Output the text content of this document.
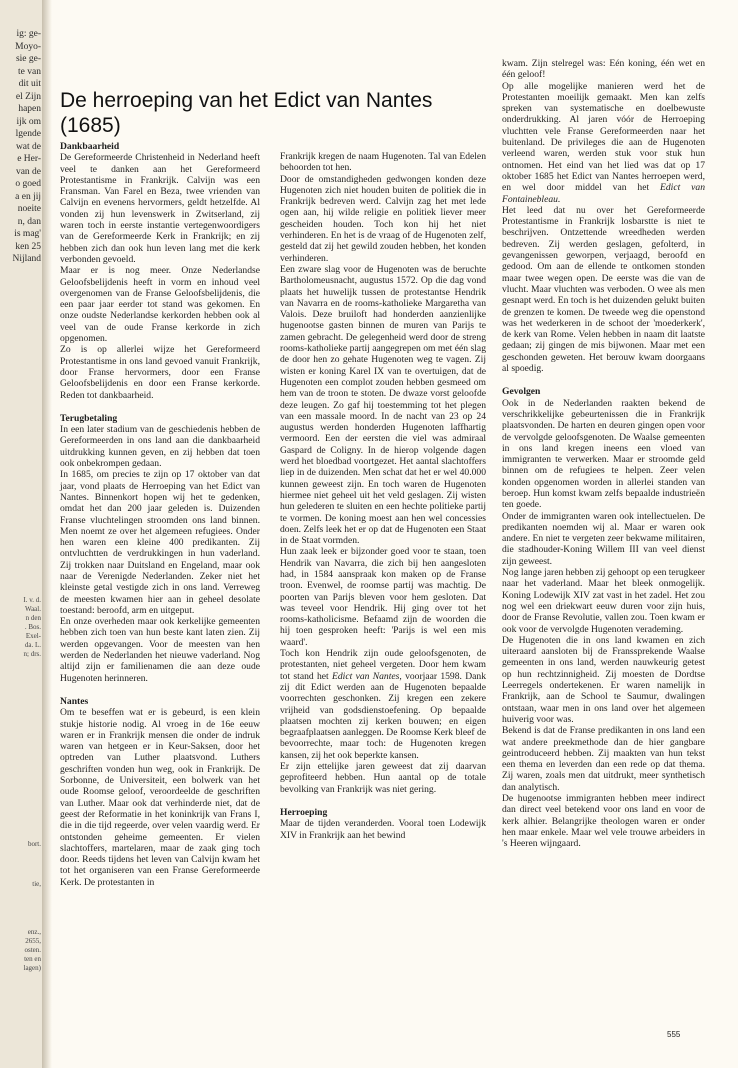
ig: ge-
Moyo-
sie ge-
te van
dit uit
el Zijn
hapen
ijk om
lgende
wat de
e Her-
van de
o goed
a en jij
noeite
n, dan
is mag'
ken 25
Nijland
I. v. d.
Waal.
n den
. Bos.
Exel-
da. L.
n; drs.
bort.
tie,
enz.,
2655,
osten.
ten en
lagen)
De herroeping van het Edict van Nantes (1685)
Dankbaarheid

De Gereformeerde Christenheid in Nederland heeft veel te danken aan het Gereformeerd Protestantisme in Frankrijk. Calvijn was een Fransman. Van Farel en Beza, twee vrienden van Calvijn en evenens hervormers, geldt hetzelfde. Al vonden zij hun levenswerk in Zwitserland, zij waren toch in eerste instantie vertegenwoordigers van de Gereformeerde Kerk in Frankrijk; en zij hebben zich dan ook hun leven lang met die kerk verbonden gevoeld.

Maar er is nog meer. Onze Nederlandse Geloofsbelijdenis heeft in vorm en inhoud veel overgenomen van de Franse Geloofsbelijdenis, die een paar jaar eerder tot stand was gekomen. En onze oudste Nederlandse kerkorden hebben ook al veel van de oude Franse kerkorde in zich opgenomen.

Zo is op allerlei wijze het Gereformeerd Protestantisme in ons land gevoed vanuit Frankrijk, door Franse hervormers, door een Franse Geloofsbelijdenis en door een Franse kerkorde. Reden tot dankbaarheid.

Terugbetaling

In een later stadium van de geschiedenis hebben de Gereformeerden in ons land aan die dankbaarheid uitdrukking kunnen geven, en zij hebben dat toen ook onbekrompen gedaan.

In 1685, om precies te zijn op 17 oktober van dat jaar, vond plaats de Herroeping van het Edict van Nantes. Binnenkort hopen wij het te gedenken, omdat het dan 200 jaar geleden is. Duizenden Franse vluchtelingen stroomden ons land binnen. Men noemt ze over het algemeen refugiees. Onder hen waren een kleine 400 predikanten. Zij ontvluchtten de verdrukkingen in hun vaderland. Zij trokken naar Duitsland en Engeland, maar ook naar de Verenigde Nederlanden. Zeker niet het kleinste getal vestigde zich in ons land. Verreweg de meesten kwamen hier aan in geheel desolate toestand: beroofd, arm en uitgeput.

En onze overheden maar ook kerkelijke gemeenten hebben zich toen van hun beste kant laten zien. Zij werden opgevangen. Voor de meesten van hen werden de Nederlanden het nieuwe vaderland. Nog altijd zijn er familienamen die aan deze oude Hugenoten herinneren.

Nantes

Om te beseffen wat er is gebeurd, is een klein stukje historie nodig. Al vroeg in de 16e eeuw waren er in Frankrijk mensen die onder de indruk waren van hetgeen er in Keur-Saksen, door het optreden van Luther plaatsvond. Luthers geschriften vonden hun weg, ook in Frankrijk. De Sorbonne, de Universiteit, een bolwerk van het oude Roomse geloof, veroordeelde de geschriften van Luther. Maar ook dat verhinderde niet, dat de geest der Reformatie in het koninkrijk van Frans I, die in die tijd regeerde, over velen vaardig werd. Er ontstonden geheime gemeenten. Er vielen slachtoffers, martelaren, maar de zaak ging toch door. Reeds tijdens het leven van Calvijn kwam het tot het organiseren van een Franse Gereformeerde Kerk. De protestanten in

Frankrijk kregen de naam Hugenoten. Tal van Edelen behoorden tot hen.

Door de omstandigheden gedwongen konden deze Hugenoten zich niet houden buiten de politiek die in Frankrijk bedreven werd. Calvijn zag het met lede ogen aan, hij wilde religie en politiek liever meer gescheiden houden. Toch kon hij het niet verhinderen. En het is de vraag of de Hugenoten zelf, gesteld dat zij het gewild zouden hebben, het konden verhinderen.

Een zware slag voor de Hugenoten was de beruchte Bartholomeusnacht, augustus 1572. Op die dag vond plaats het huwelijk tussen de protestantse Hendrik van Navarra en de rooms-katholieke Margaretha van Valois. Deze bruiloft had honderden aanzienlijke hugenootse gasten binnen de muren van Parijs te zamen gebracht. De gelegenheid werd door de streng rooms-katholieke partij aangegrepen om met één slag de door hen zo gehate Hugenoten weg te vagen. Zij wisten er koning Karel IX van te overtuigen, dat de Hugenoten een complot zouden hebben gesmeed om hem van de troon te stoten. De dwaze vorst geloofde deze leugen. Zo gaf hij toestemming tot het plegen van een massale moord. In de nacht van 23 op 24 augustus werden honderden Hugenoten laffhartig vermoord. Een der eersten die viel was admiraal Gaspard de Coligny. In de hierop volgende dagen werd het bloedbad voortgezet. Het aantal slachtoffers liep in de duizenden. Men schat dat het er wel 40.000 kunnen geweest zijn. En toch waren de Hugenoten hiermee niet geheel uit het veld geslagen. Zij wisten hun gelederen te sluiten en een hechte politieke partij te vormen. De koning moest aan hen wel concessies doen. Zelfs leek het er op dat de Hugenoten een Staat in de Staat vormden.

Hun zaak leek er bijzonder goed voor te staan, toen Hendrik van Navarra, die zich bij hen aangesloten had, in 1584 aanspraak kon maken op de Franse troon. Evenwel, de roomse partij was machtig. De poorten van Parijs bleven voor hem gesloten. Dat was teveel voor Hendrik. Hij ging over tot het rooms-katholicisme. Befaamd zijn de woorden die hij toen gesproken heeft: 'Parijs is wel een mis waard'.

Toch kon Hendrik zijn oude geloofsgenoten, de protestanten, niet geheel vergeten. Door hem kwam tot stand het Edict van Nantes, voorjaar 1598. Dank zij dit Edict werden aan de Hugenoten bepaalde voorrechten geschonken. Zij kregen een zekere vrijheid van godsdienstoefening. Op bepaalde plaatsen mochten zij kerken bouwen; en eigen begraafplaatsen aanleggen. De Roomse Kerk bleef de bevoorrechte, maar toch: de Hugenoten kregen kansen, zij het ook beperkte kansen.

Er zijn ettelijke jaren geweest dat zij daarvan geprofiteerd hebben. Hun aantal op de totale bevolking van Frankrijk was niet gering.

Herroeping

Maar de tijden veranderden. Vooral toen Lodewijk XIV in Frankrijk aan het bewind

kwam. Zijn stelregel was: Eén koning, één wet en één geloof!

Op alle mogelijke manieren werd het de Protestanten moeilijk gemaakt. Men kan zelfs spreken van systematische en doelbewuste onderdrukking. Al jaren vóór de Herroeping vluchtten vele Franse Gereformeerden naar het buitenland. De privileges die aan de Hugenoten verleend waren, werden stuk voor stuk hun ontnomen. Het eind van het lied was dat op 17 oktober 1685 het Edict van Nantes herroepen werd, en wel door middel van het Edict van Fontainebleau.

Het leed dat nu over het Gereformeerde Protestantisme in Frankrijk losbarstte is niet te beschrijven. Ontzettende wreedheden werden bedreven. Zij werden geslagen, gefolterd, in gevangenissen geworpen, verjaagd, beroofd en gedood. Om aan de ellende te ontkomen stonden maar twee wegen open. De eerste was die van de vlucht. Maar vluchten was verboden. O wee als men gesnapt werd. En toch is het duizenden gelukt buiten de grenzen te komen. De tweede weg die openstond was het wederkeren in de schoot der 'moederkerk', de kerk van Rome. Velen hebben in naam dit laatste gedaan; zij gingen de mis bijwonen. Maar met een geschonden geweten. Het berouw kwam doorgaans al spoedig.

Gevolgen

Ook in de Nederlanden raakten bekend de verschrikkelijke gebeurtenissen die in Frankrijk plaatsvonden. De harten en deuren gingen open voor de vervolgde geloofsgenoten. De Waalse gemeenten in ons land kregen ineens een vloed van immigranten te verwerken. Maar er stroomde geld binnen om de refugiees te helpen. Zeer velen konden opgenomen worden in allerlei standen van beroep. Hun komst kwam zelfs bepaalde industrieën ten goede.

Onder de immigranten waren ook intellectuelen. De predikanten noemden wij al. Maar er waren ook andere. En niet te vergeten zeer bekwame militairen, die stadhouder-Koning Willem III van veel dienst zijn geweest.

Nog lange jaren hebben zij gehoopt op een terugkeer naar het vaderland. Maar het bleek onmogelijk. Koning Lodewijk XIV zat vast in het zadel. Het zou nog wel een driekwart eeuw duren voor zijn huis, door de Franse Revolutie, vallen zou. Toen kwam er ook voor de vervolgde Hugenoten verademing.

De Hugenoten die in ons land kwamen en zich uiteraard aansloten bij de Franssprekende Waalse gemeenten in ons land, werden nauwkeurig getest op hun rechtzinnigheid. Zij moesten de Dordtse Leerregels ondertekenen. Er waren namelijk in Frankrijk, aan de School te Saumur, dwalingen ontstaan, waar men in ons land over het algemeen huiverig voor was.

Bekend is dat de Franse predikanten in ons land een wat andere preekmethode dan de hier gangbare geintroduceerd hebben. Zij maakten van hun tekst een thema en leverden dan een rede op dat thema. Zij waren, zoals men dat uitdrukt, meer synthetisch dan analytisch.

De hugenootse immigranten hebben meer indirect dan direct veel betekend voor ons land en voor de kerk alhier. Belangrijke theologen waren er onder hen maar enkele. Maar wel vele trouwe arbeiders in 's Heeren wijngaard.

555
